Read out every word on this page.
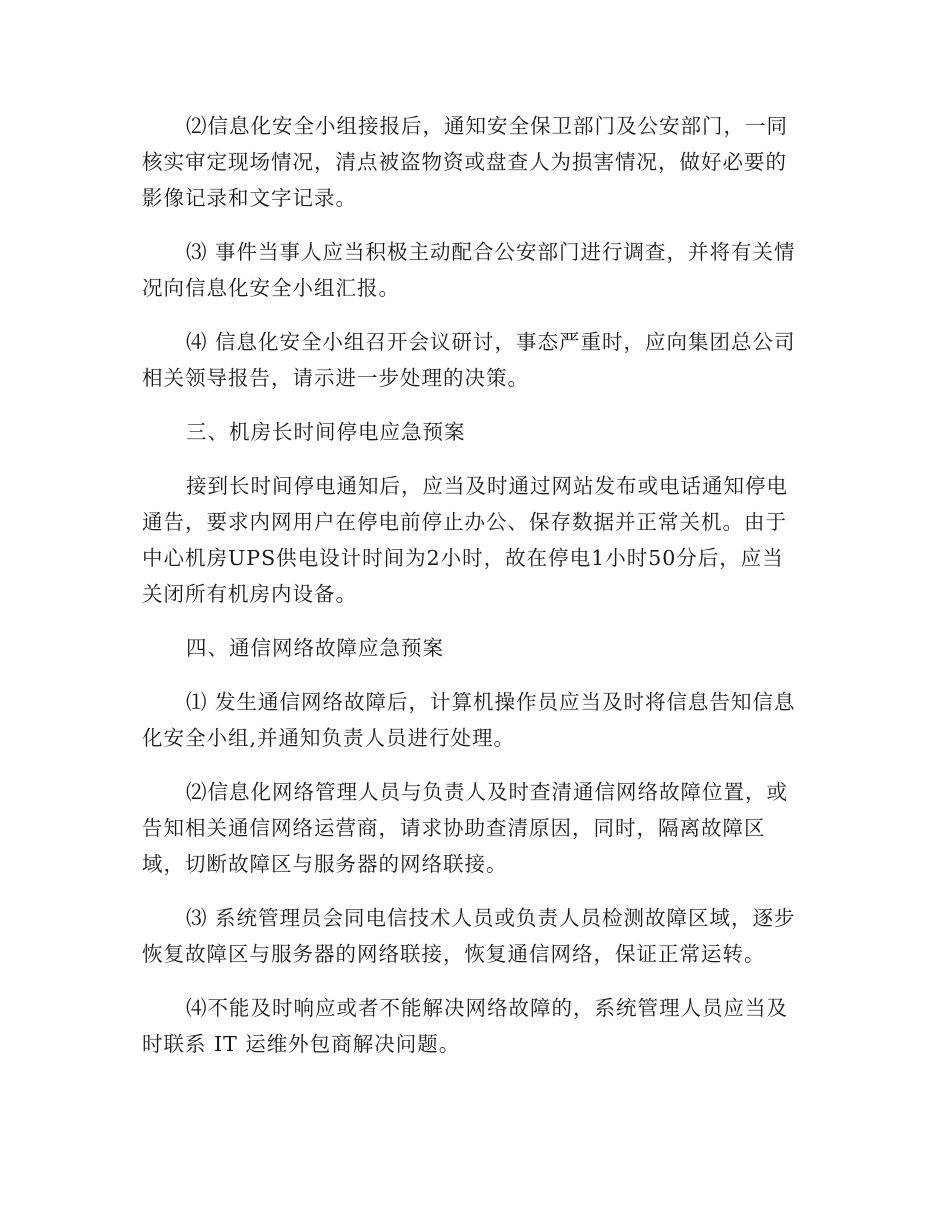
⑵信息化安全小组接报后，通知安全保卫部门及公安部门，一同
核实审定现场情况，清点被盗物资或盘查人为损害情况，做好必要的
影像记录和文字记录。

⑶ 事件当事人应当积极主动配合公安部门进行调查，并将有关情
况向信息化安全小组汇报。

⑷ 信息化安全小组召开会议研讨，事态严重时，应向集团总公司
相关领导报告，请示进一步处理的决策。

三、机房长时间停电应急预案

接到长时间停电通知后，应当及时通过网站发布或电话通知停电
通告，要求内网用户在停电前停止办公、保存数据并正常关机。由于
中心机房UPS供电设计时间为2小时，故在停电1小时50分后，应当
关闭所有机房内设备。

四、通信网络故障应急预案

⑴ 发生通信网络故障后，计算机操作员应当及时将信息告知信息
化安全小组,并通知负责人员进行处理。

⑵信息化网络管理人员与负责人及时查清通信网络故障位置，或
告知相关通信网络运营商，请求协助查清原因，同时，隔离故障区
域，切断故障区与服务器的网络联接。

⑶ 系统管理员会同电信技术人员或负责人员检测故障区域，逐步
恢复故障区与服务器的网络联接，恢复通信网络，保证正常运转。

⑷不能及时响应或者不能解决网络故障的，系统管理人员应当及
时联系 IT 运维外包商解决问题。
